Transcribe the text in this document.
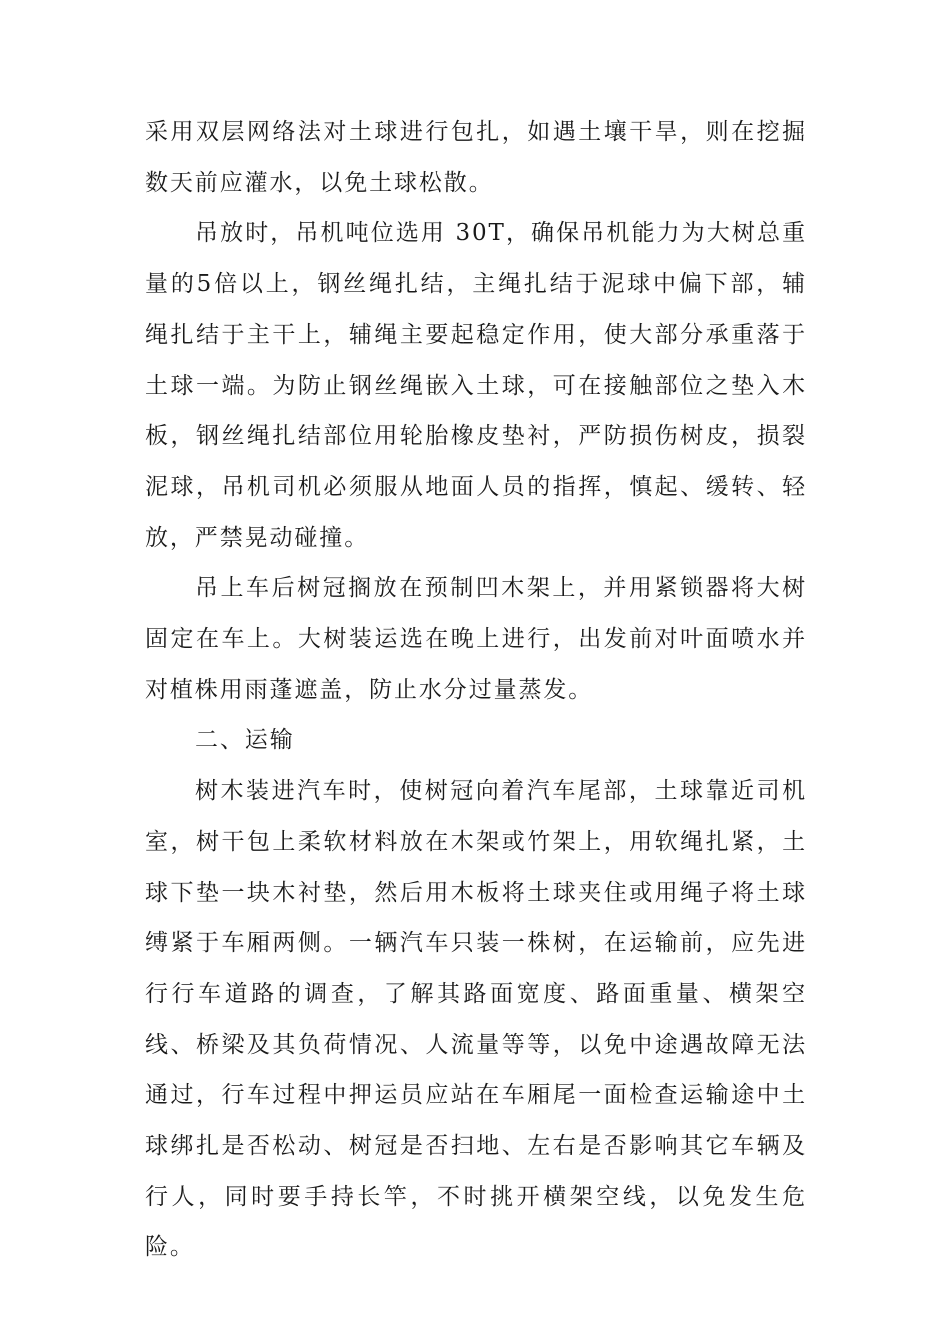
采用双层网络法对土球进行包扎，如遇土壤干旱，则在挖掘数天前应灌水，以免土球松散。

吊放时，吊机吨位选用 30T，确保吊机能力为大树总重量的5倍以上，钢丝绳扎结，主绳扎结于泥球中偏下部，辅绳扎结于主干上，辅绳主要起稳定作用，使大部分承重落于土球一端。为防止钢丝绳嵌入土球，可在接触部位之垫入木板，钢丝绳扎结部位用轮胎橡皮垫衬，严防损伤树皮，损裂泥球，吊机司机必须服从地面人员的指挥，慎起、缓转、轻放，严禁晃动碰撞。

吊上车后树冠搁放在预制凹木架上，并用紧锁器将大树固定在车上。大树装运选在晚上进行，出发前对叶面喷水并对植株用雨蓬遮盖，防止水分过量蒸发。

二、运输

树木装进汽车时，使树冠向着汽车尾部，土球靠近司机室，树干包上柔软材料放在木架或竹架上，用软绳扎紧，土球下垫一块木衬垫，然后用木板将土球夹住或用绳子将土球缚紧于车厢两侧。一辆汽车只装一株树，在运输前，应先进行行车道路的调查，了解其路面宽度、路面重量、横架空线、桥梁及其负荷情况、人流量等等，以免中途遇故障无法通过，行车过程中押运员应站在车厢尾一面检查运输途中土球绑扎是否松动、树冠是否扫地、左右是否影响其它车辆及行人，同时要手持长竿，不时挑开横架空线，以免发生危险。
